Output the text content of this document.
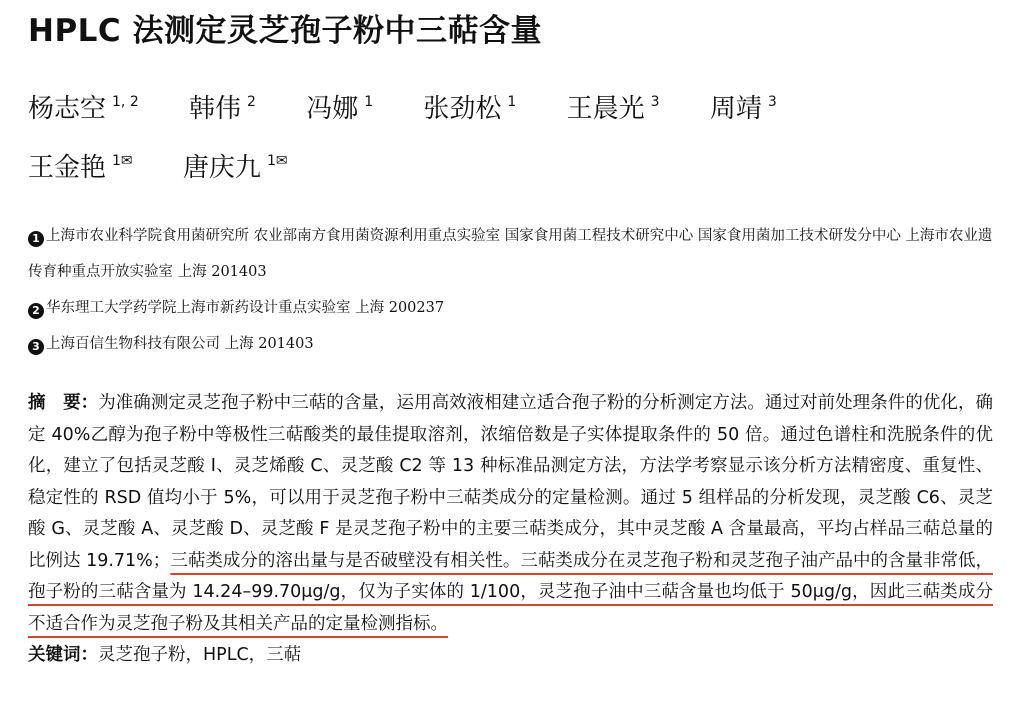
HPLC 法测定灵芝孢子粉中三萜含量
杨志空 $^{1, 2}$ 韩伟 $^2$ 冯娜 $^1$ 张劲松 $^1$ 王晨光 $^3$ 周靖 $^3$ 王金艳 $^{1✉}$ 唐庆九 $^{1✉}$
1 上海市农业科学院食用菌研究所 农业部南方食用菌资源利用重点实验室 国家食用菌工程技术研究中心 国家食用菌加工技术研发分中心 上海市农业遗传育种重点开放实验室 上海 201403
2 华东理工大学药学院上海市新药设计重点实验室 上海 200237
3 上海百信生物科技有限公司 上海 201403
摘　要：为准确测定灵芝孢子粉中三萜的含量，运用高效液相建立适合孢子粉的分析测定方法。通过对前处理条件的优化，确定 40%乙醇为孢子粉中等极性三萜酸类的最佳提取溶剂，浓缩倍数是子实体提取条件的 50 倍。通过色谱柱和洗脱条件的优化，建立了包括灵芝酸 I、灵芝烯酸 C、灵芝酸 C2 等 13 种标准品测定方法，方法学考察显示该分析方法精密度、重复性、稳定性的 RSD 值均小于 5%，可以用于灵芝孢子粉中三萜类成分的定量检测。通过 5 组样品的分析发现，灵芝酸 C6、灵芝酸 G、灵芝酸 A、灵芝酸 D、灵芝酸 F 是灵芝孢子粉中的主要三萜类成分，其中灵芝酸 A 含量最高，平均占样品三萜总量的比例达 19.71%；三萜类成分的溶出量与是否破壁没有相关性。三萜类成分在灵芝孢子粉和灵芝孢子油产品中的含量非常低，孢子粉的三萜含量为 14.24–99.70μg/g，仅为子实体的 1/100，灵芝孢子油中三萜含量也均低于 50μg/g，因此三萜类成分不适合作为灵芝孢子粉及其相关产品的定量检测指标。
关键词：灵芝孢子粉，HPLC，三萜
